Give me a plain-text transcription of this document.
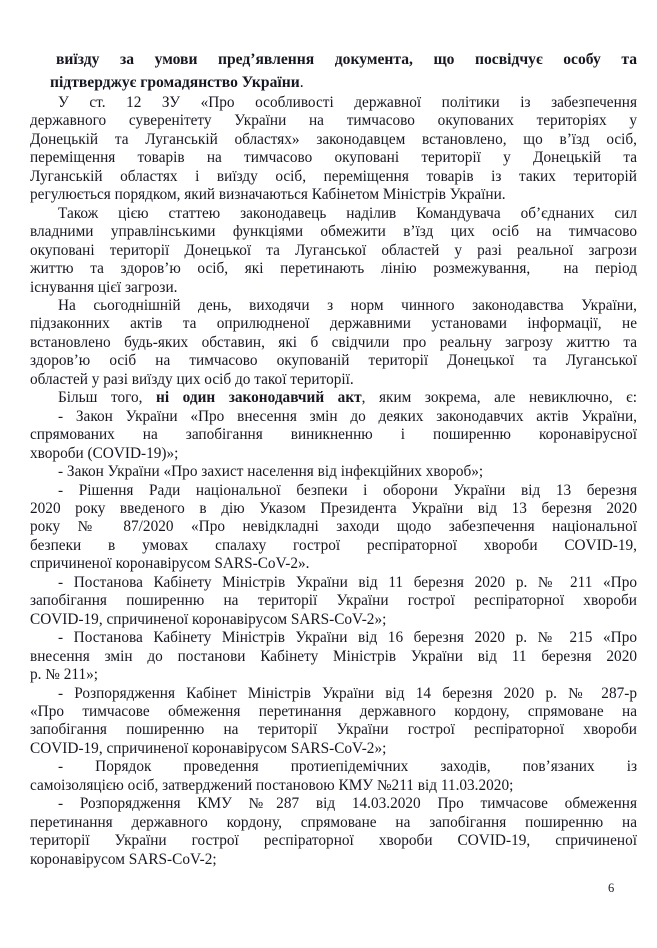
виїзду за умови пред’явлення документа, що посвідчує особу та
підтверджує громадянство України.
У ст. 12 ЗУ «Про особливості державної політики із забезпечення
державного суверенітету України на тимчасово окупованих територіях у
Донецькій та Луганській областях» законодавцем встановлено, що в’їзд осіб,
переміщення товарів на тимчасово окуповані території у Донецькій та
Луганській областях і виїзду осіб, переміщення товарів із таких територій
регулюється порядком, який визначаються Кабінетом Міністрів України.
Також цією статтею законодавець наділив Командувача об’єднаних сил
владними управлінськими функціями обмежити в’їзд цих осіб на тимчасово
окуповані території Донецької та Луганської областей у разі реальної загрози
життю та здоров’ю осіб, які перетинають лінію розмежування,  на період
існування цієї загрози.
На сьогоднішній день, виходячи з норм чинного законодавства України,
підзаконних актів та оприлюдненої державними установами інформації, не
встановлено будь-яких обставин, які б свідчили про реальну загрозу життю та
здоров’ю осіб на тимчасово окупованій території Донецької та Луганської
областей у разі виїзду цих осіб до такої території.
Більш того, ні один законодавчий акт, яким зокрема, але невиключно, є:
- Закон України «Про внесення змін до деяких законодавчих актів України,
спрямованих на запобігання виникненню і поширенню коронавірусної
хвороби (COVID-19)»;
- Закон України «Про захист населення від інфекційних хвороб»;
- Рішення Ради національної безпеки і оборони України від 13 березня
2020 року введеного в дію Указом Президента України від 13 березня 2020
року № 87/2020 «Про невідкладні заходи щодо забезпечення національної
безпеки в умовах спалаху гострої респіраторної хвороби COVID-19,
спричиненої коронавірусом SARS-CoV-2».
- Постанова Кабінету Міністрів України від 11 березня 2020 р. № 211 «Про
запобігання поширенню на території України гострої респіраторної хвороби
COVID-19, спричиненої коронавірусом SARS-CoV-2»;
- Постанова Кабінету Міністрів України від 16 березня 2020 р. № 215 «Про
внесення змін до постанови Кабінету Міністрів України від 11 березня 2020
р. № 211»;
- Розпорядження Кабінет Міністрів України від 14 березня 2020 р. № 287-р
«Про тимчасове обмеження перетинання державного кордону, спрямоване на
запобігання поширенню на території України гострої респіраторної хвороби
COVID-19, спричиненої коронавірусом SARS-CoV-2»;
- Порядок проведення протиепідемічних заходів, пов’язаних із
самоізоляцією осіб, затверджений постановою КМУ №211 від 11.03.2020;
- Розпорядження КМУ №287 від 14.03.2020 Про тимчасове обмеження
перетинання державного кордону, спрямоване на запобігання поширенню на
території України гострої респіраторної хвороби COVID-19, спричиненої
коронавірусом SARS-CoV-2;
6
